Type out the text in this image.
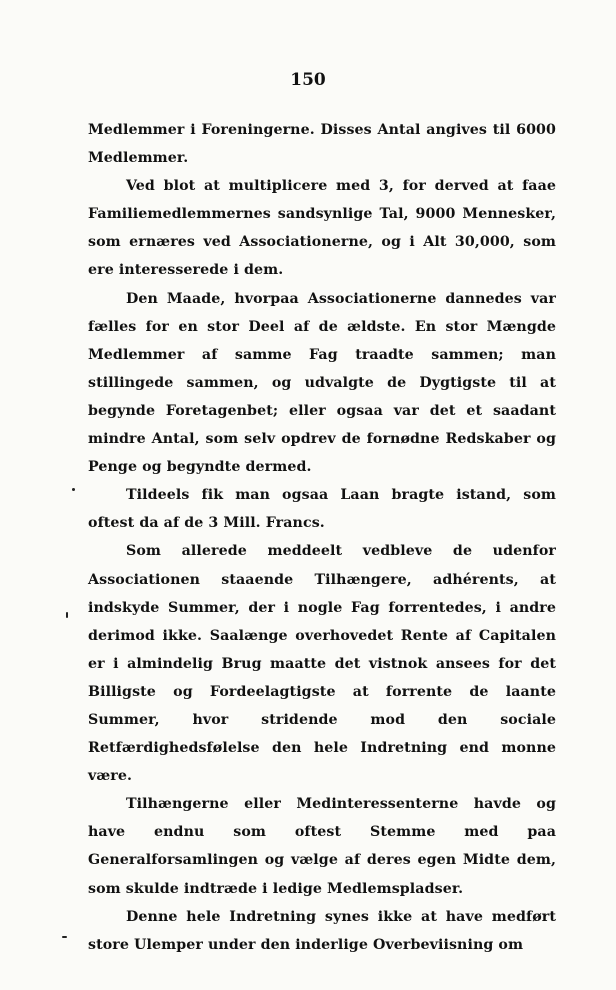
150

Medlemmer i Foreningerne. Disses Antal angives til 6000 Medlemmer.

Ved blot at multiplicere med 3, for derved at faae Familiemedlemmernes sandsynlige Tal, 9000 Mennesker, som ernæres ved Associationerne, og i Alt 30,000, som ere interesserede i dem.

Den Maade, hvorpaa Associationerne dannedes var fælles for en stor Deel af de ældste. En stor Mængde Medlemmer af samme Fag traadte sammen; man stillingede sammen, og udvalgte de Dygtigste til at begynde Foretagenbet; eller ogsaa var det et saadant mindre Antal, som selv opdrev de fornødne Redskaber og Penge og begyndte dermed.

Tildeels fik man ogsaa Laan bragte istand, som oftest da af de 3 Mill. Francs.

Som allerede meddeelt vedbleve de udenfor Associationen staaende Tilhængere, adhérents, at indskyde Summer, der i nogle Fag forrentedes, i andre derimod ikke. Saalænge overhovedet Rente af Capitalen er i almindelig Brug maatte det vistnok ansees for det Billigste og Fordeelagtigste at forrente de laante Summer, hvor stridende mod den sociale Retfærdighedsfølelse den hele Indretning end monne være.

Tilhængerne eller Medinteressenterne havde og have endnu som oftest Stemme med paa Generalforsamlingen og vælge af deres egen Midte dem, som skulde indtræde i ledige Medlemspladser.

Denne hele Indretning synes ikke at have medført store Ulemper under den inderlige Overbeviisning om
